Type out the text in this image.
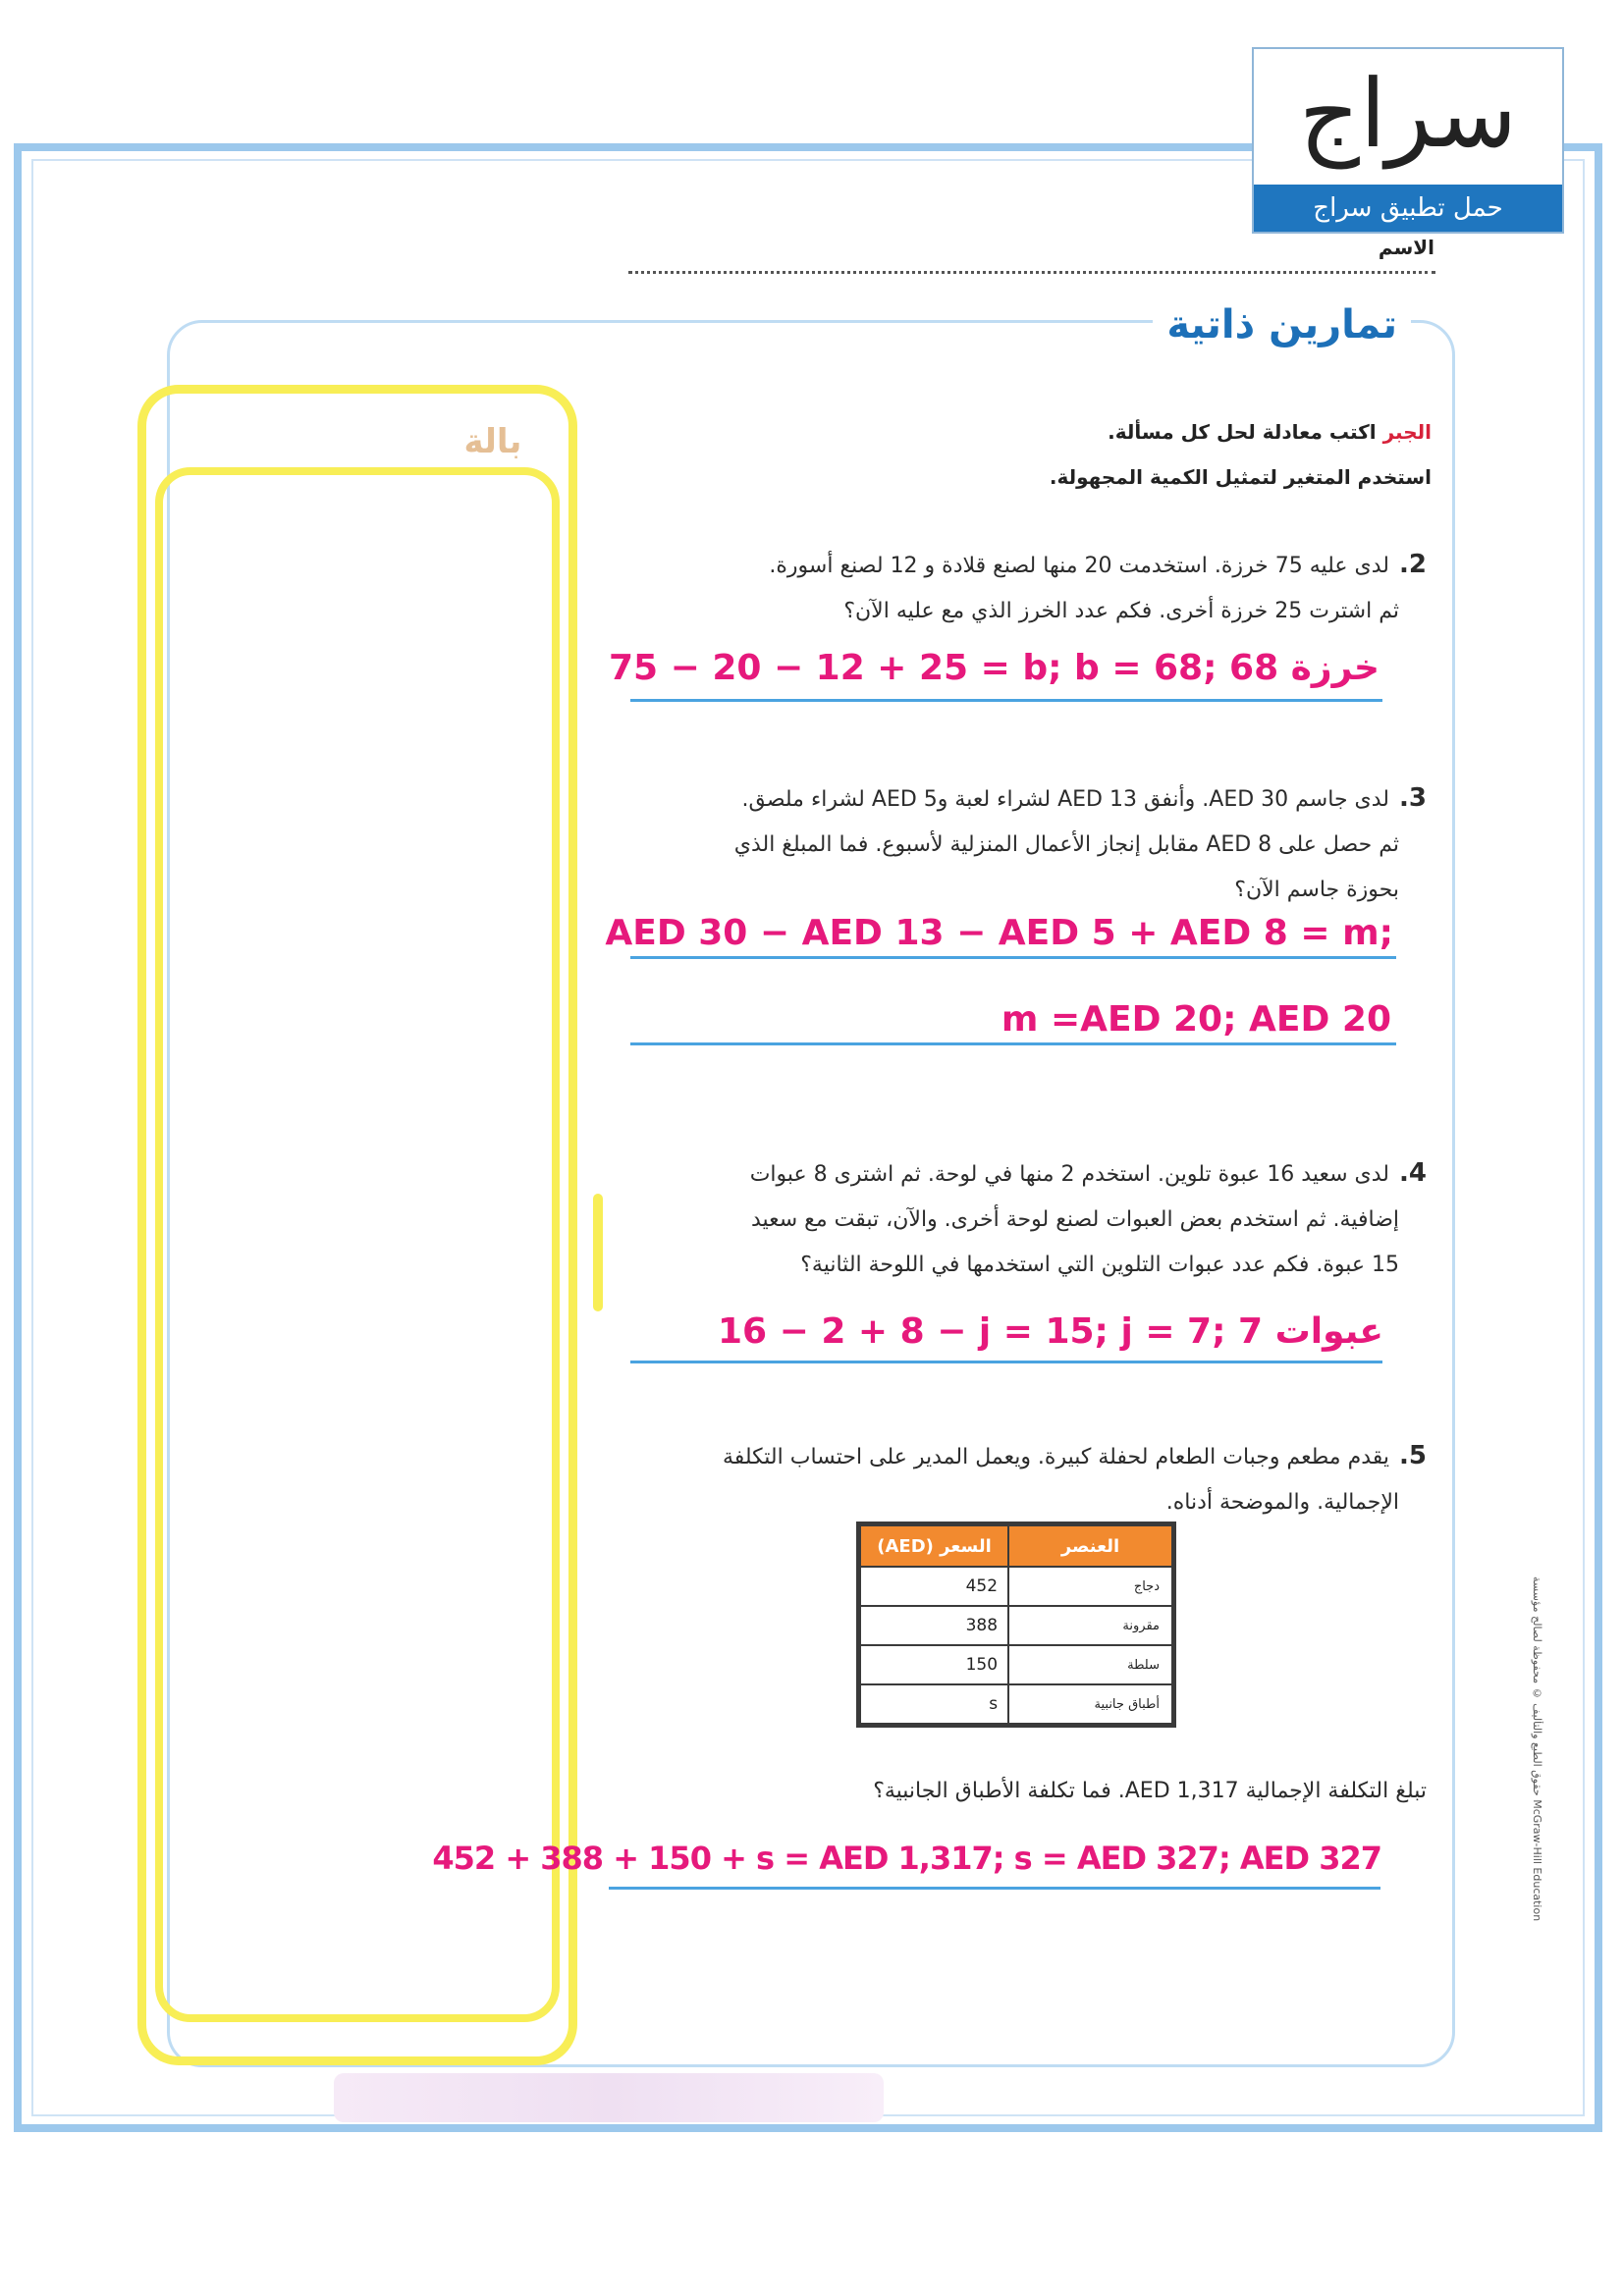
سراج
حمل تطبيق سراج
الاسم
تمارين ذاتية
بالة	الجبر اكتب معادلة لحل كل مسألة.
استخدم المتغير لتمثيل الكمية المجهولة.
2.لدى عليه 75 خرزة. استخدمت 20 منها لصنع قلادة و 12 لصنع أسورة.
ثم اشترت 25 خرزة أخرى. فكم عدد الخرز الذي مع عليه الآن؟
75 − 20 − 12 + 25 = b; b = 68; 68 خرزة
3.لدى جاسم 30 AED. وأنفق 13 AED لشراء لعبة و5 AED لشراء ملصق.
ثم حصل على 8 AED مقابل إنجاز الأعمال المنزلية لأسبوع. فما المبلغ الذي
بحوزة جاسم الآن؟
AED 30 − AED 13 − AED 5 + AED 8 = m;
m =AED 20; AED 20
4.لدى سعيد 16 عبوة تلوين. استخدم 2 منها في لوحة. ثم اشترى 8 عبوات
إضافية. ثم استخدم بعض العبوات لصنع لوحة أخرى. والآن، تبقت مع سعيد
15 عبوة. فكم عدد عبوات التلوين التي استخدمها في اللوحة الثانية؟
16 − 2 + 8 − j = 15; j = 7; 7 عبوات
5.يقدم مطعم وجبات الطعام لحفلة كبيرة. ويعمل المدير على احتساب التكلفة
الإجمالية. والموضحة أدناه.
العنصر	السعر (AED)
دجاج	452
مقرونة	388
سلطة	150
أطباق جانبية	s
تبلغ التكلفة الإجمالية 1,317 AED. فما تكلفة الأطباق الجانبية؟
452 + 388 + 150 + s = AED 1,317; s = AED 327; AED 327
حقوق الطبع والتأليف © محفوظة لصالح مؤسسة McGraw-Hill Education
